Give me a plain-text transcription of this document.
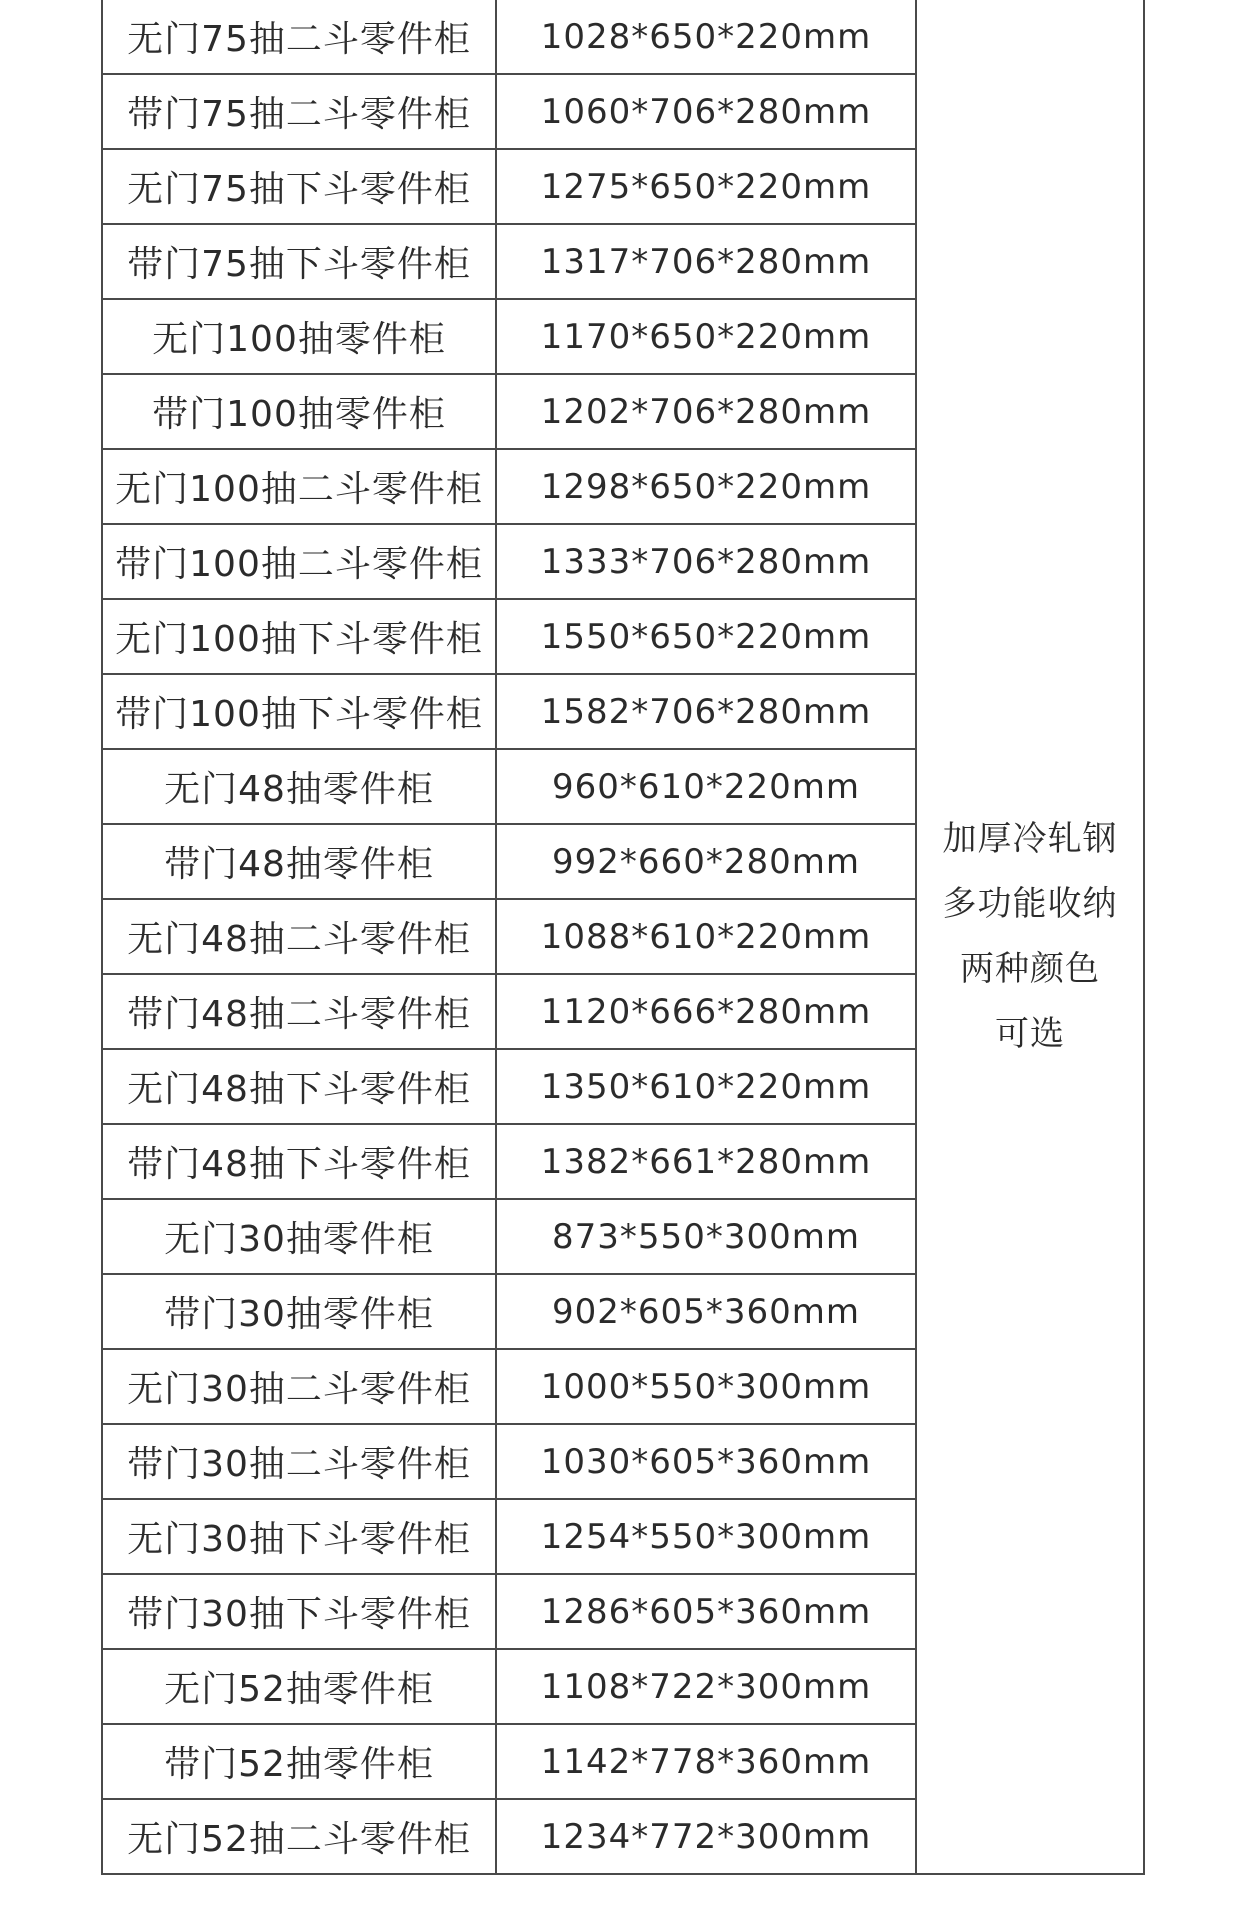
无门75抽二斗零件柜	1028*650*220mm	加厚冷轧钢
多功能收纳
两种颜色
可选

带门75抽二斗零件柜	1060*706*280mm	
无门75抽下斗零件柜	1275*650*220mm	
带门75抽下斗零件柜	1317*706*280mm	
无门100抽零件柜	1170*650*220mm	
带门100抽零件柜	1202*706*280mm	
无门100抽二斗零件柜	1298*650*220mm	
带门100抽二斗零件柜	1333*706*280mm	
无门100抽下斗零件柜	1550*650*220mm	
带门100抽下斗零件柜	1582*706*280mm	
无门48抽零件柜	960*610*220mm	
带门48抽零件柜	992*660*280mm	
无门48抽二斗零件柜	1088*610*220mm	
带门48抽二斗零件柜	1120*666*280mm	
无门48抽下斗零件柜	1350*610*220mm	
带门48抽下斗零件柜	1382*661*280mm	
无门30抽零件柜	873*550*300mm	
带门30抽零件柜	902*605*360mm	
无门30抽二斗零件柜	1000*550*300mm	
带门30抽二斗零件柜	1030*605*360mm	
无门30抽下斗零件柜	1254*550*300mm	
带门30抽下斗零件柜	1286*605*360mm	
无门52抽零件柜	1108*722*300mm	
带门52抽零件柜	1142*778*360mm	
无门52抽二斗零件柜	1234*772*300mm	
